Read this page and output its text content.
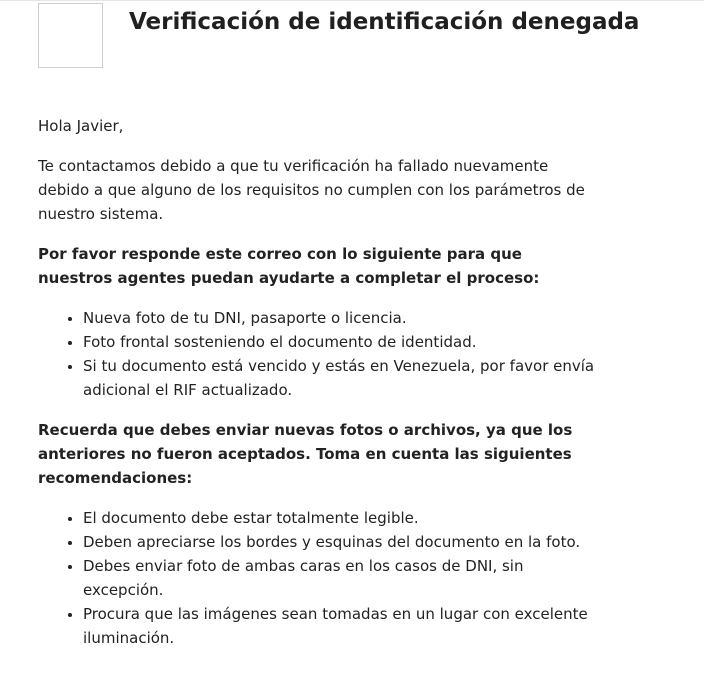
Verificación de identificación denegada

Hola Javier,

Te contactamos debido a que tu verificación ha fallado nuevamente debido a que alguno de los requisitos no cumplen con los parámetros de nuestro sistema.

Por favor responde este correo con lo siguiente para que nuestros agentes puedan ayudarte a completar el proceso:

• Nueva foto de tu DNI, pasaporte o licencia.
• Foto frontal sosteniendo el documento de identidad.
• Si tu documento está vencido y estás en Venezuela, por favor envía adicional el RIF actualizado.

Recuerda que debes enviar nuevas fotos o archivos, ya que los anteriores no fueron aceptados. Toma en cuenta las siguientes recomendaciones:

• El documento debe estar totalmente legible.
• Deben apreciarse los bordes y esquinas del documento en la foto.
• Debes enviar foto de ambas caras en los casos de DNI, sin excepción.
• Procura que las imágenes sean tomadas en un lugar con excelente iluminación.
